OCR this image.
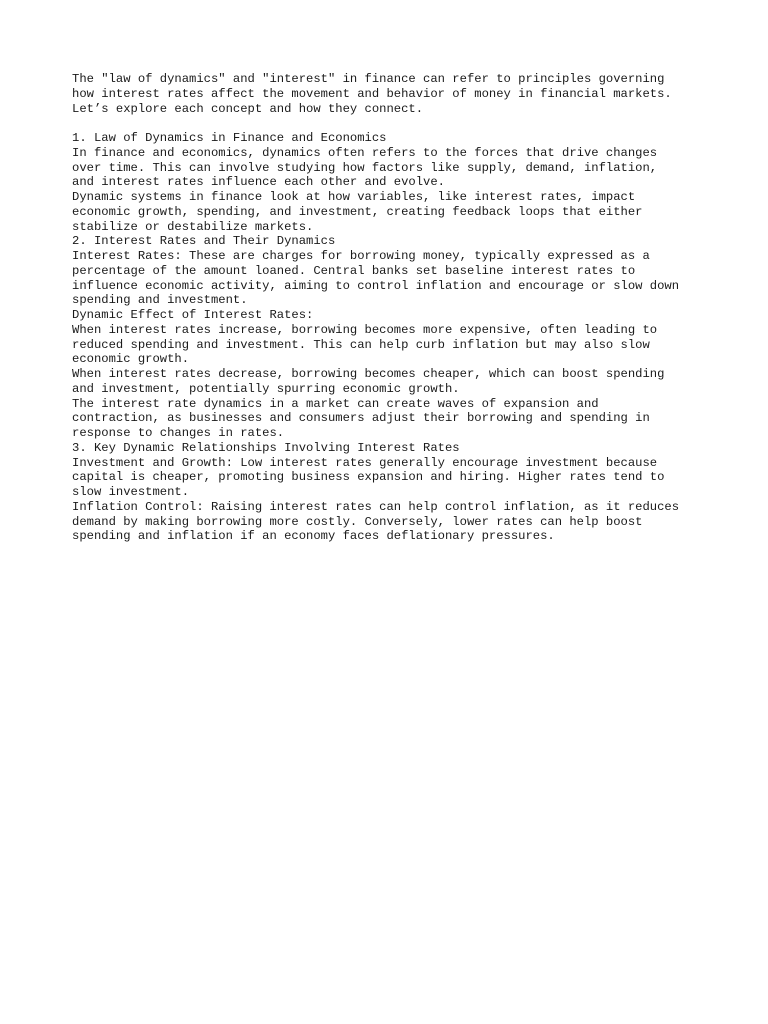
The "law of dynamics" and "interest" in finance can refer to principles governing
how interest rates affect the movement and behavior of money in financial markets.
Let’s explore each concept and how they connect.
1. Law of Dynamics in Finance and Economics
In finance and economics, dynamics often refers to the forces that drive changes
over time. This can involve studying how factors like supply, demand, inflation,
and interest rates influence each other and evolve.
Dynamic systems in finance look at how variables, like interest rates, impact
economic growth, spending, and investment, creating feedback loops that either
stabilize or destabilize markets.
2. Interest Rates and Their Dynamics
Interest Rates: These are charges for borrowing money, typically expressed as a
percentage of the amount loaned. Central banks set baseline interest rates to
influence economic activity, aiming to control inflation and encourage or slow down
spending and investment.
Dynamic Effect of Interest Rates:
When interest rates increase, borrowing becomes more expensive, often leading to
reduced spending and investment. This can help curb inflation but may also slow
economic growth.
When interest rates decrease, borrowing becomes cheaper, which can boost spending
and investment, potentially spurring economic growth.
The interest rate dynamics in a market can create waves of expansion and
contraction, as businesses and consumers adjust their borrowing and spending in
response to changes in rates.
3. Key Dynamic Relationships Involving Interest Rates
Investment and Growth: Low interest rates generally encourage investment because
capital is cheaper, promoting business expansion and hiring. Higher rates tend to
slow investment.
Inflation Control: Raising interest rates can help control inflation, as it reduces
demand by making borrowing more costly. Conversely, lower rates can help boost
spending and inflation if an economy faces deflationary pressures.
